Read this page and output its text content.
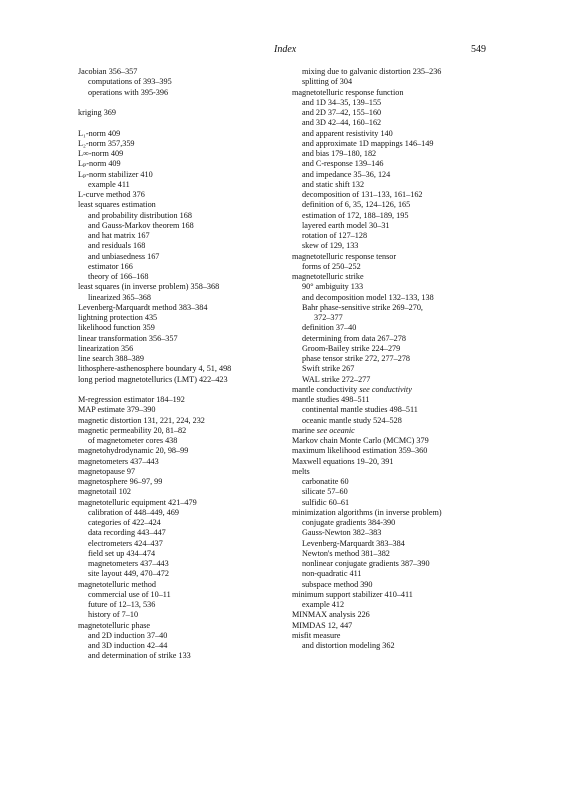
Index	549
Jacobian 356–357
computations of 393–395
operations with 395-396
kriging 369
L₁-norm 409
L₂-norm 357,359
L∞-norm 409
Lₚ-norm 409
Lₚ-norm stabilizer 410
example 411
L-curve method 376
least squares estimation
and probability distribution 168
and Gauss-Markov theorem 168
and hat matrix 167
and residuals 168
and unbiasedness 167
estimator 166
theory of 166–168
least squares (in inverse problem) 358–368
linearized 365–368
Levenberg-Marquardt method 383–384
lightning protection 435
likelihood function 359
linear transformation 356–357
linearization 356
line search 388–389
lithosphere-asthenosphere boundary 4, 51, 498
long period magnetotellurics (LMT) 422–423
M-regression estimator 184–192
MAP estimate 379–390
magnetic distortion 131, 221, 224, 232
magnetic permeability 20, 81–82
of magnetometer cores 438
magnetohydrodynamic 20, 98–99
magnetometers 437–443
magnetopause 97
magnetosphere 96–97, 99
magnetotail 102
magnetotelluric equipment 421–479
calibration of 448–449, 469
categories of 422–424
data recording 443–447
electrometers 424–437
field set up 434–474
magnetometers 437–443
site layout 449, 470–472
magnetotelluric method
commercial use of 10–11
future of 12–13, 536
history of 7–10
magnetotelluric phase
and 2D induction 37–40
and 3D induction 42–44
and determination of strike 133
mixing due to galvanic distortion 235–236
splitting of 304
magnetotelluric response function
and 1D 34–35, 139–155
and 2D 37–42, 155–160
and 3D 42–44, 160–162
and apparent resistivity 140
and approximate 1D mappings 146–149
and bias 179–180, 182
and C-response 139–146
and impedance 35–36, 124
and static shift 132
decomposition of 131–133, 161–162
definition of 6, 35, 124–126, 165
estimation of 172, 188–189, 195
layered earth model 30–31
rotation of 127–128
skew of 129, 133
magnetotelluric response tensor
forms of 250–252
magnetotelluric strike
90° ambiguity 133
and decomposition model 132–133, 138
Bahr phase-sensitive strike 269–270,
372–377
definition 37–40
determining from data 267–278
Groom-Bailey strike 224–279
phase tensor strike 272, 277–278
Swift strike 267
WAL strike 272–277
mantle conductivity see conductivity
mantle studies 498–511
continental mantle studies 498–511
oceanic mantle study 524–528
marine see oceanic
Markov chain Monte Carlo (MCMC) 379
maximum likelihood estimation 359–360
Maxwell equations 19–20, 391
melts
carbonatite 60
silicate 57–60
sulfidic 60–61
minimization algorithms (in inverse problem)
conjugate gradients 384-390
Gauss-Newton 382–383
Levenberg-Marquardt 383–384
Newton's method 381–382
nonlinear conjugate gradients 387–390
non-quadratic 411
subspace method 390
minimum support stabilizer 410–411
example 412
MINMAX analysis 226
MIMDAS 12, 447
misfit measure
and distortion modeling 362
